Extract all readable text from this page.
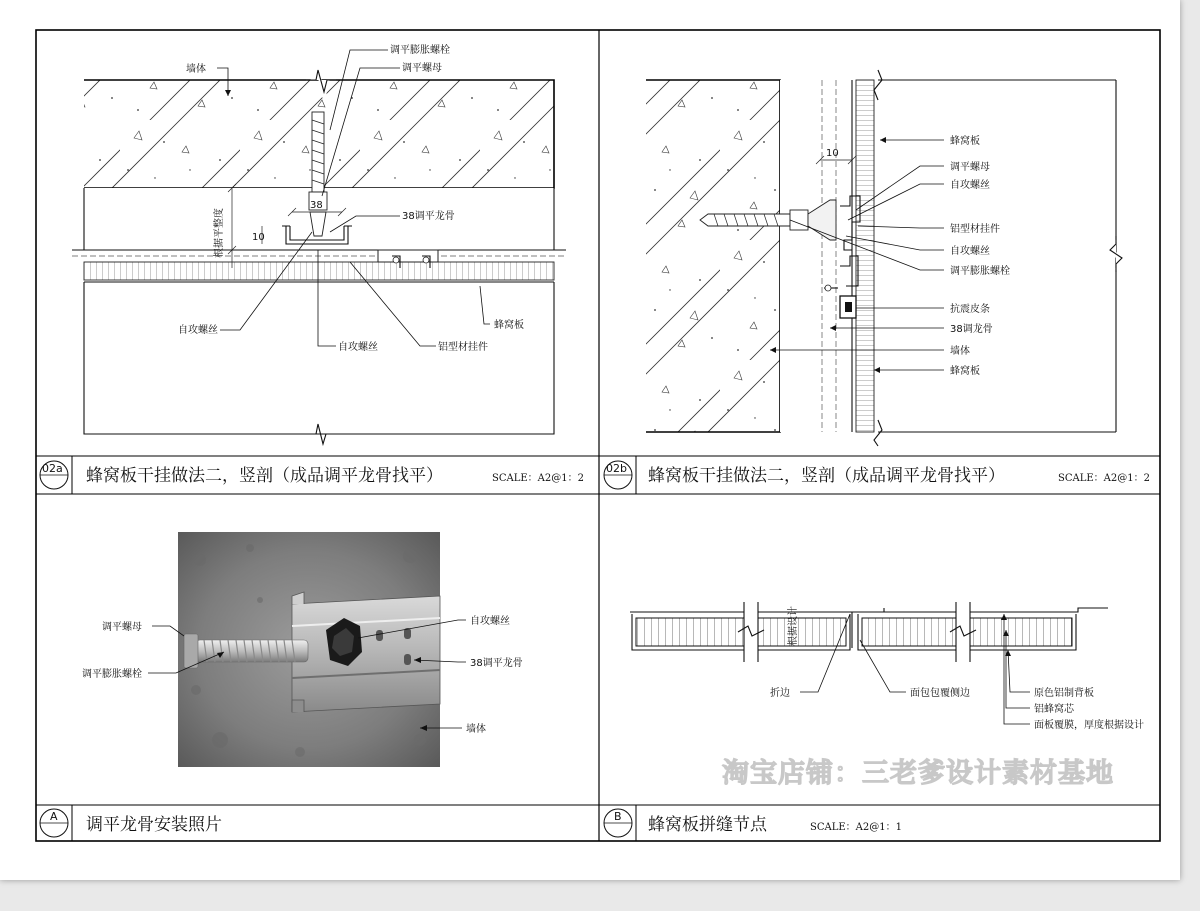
墙体
调平膨胀螺栓
调平螺母
38调平龙骨
自攻螺丝
自攻螺丝	铝型材挂件
蜂窝板
根据平整度	10
38
02a 蜂窝板干挂做法二，竖剖（成品调平龙骨找平）	SCALE：A2@1：2
蜂窝板
调平螺母
自攻螺丝
铝型材挂件
自攻螺丝
调平膨胀螺栓
抗震皮条
38调龙骨
墙体
蜂窝板
10
02b 蜂窝板干挂做法二，竖剖（成品调平龙骨找平）	SCALE：A2@1：2
调平螺母
调平膨胀螺栓
自攻螺丝
38调平龙骨
墙体
A 调平龙骨安装照片
折边	面包包覆侧边	原色铝制背板
铝蜂窝芯
面板覆膜，厚度根据设计
根据设计
B 蜂窝板拼缝节点	SCALE：A2@1：1
淘宝店铺：三老爹设计素材基地
